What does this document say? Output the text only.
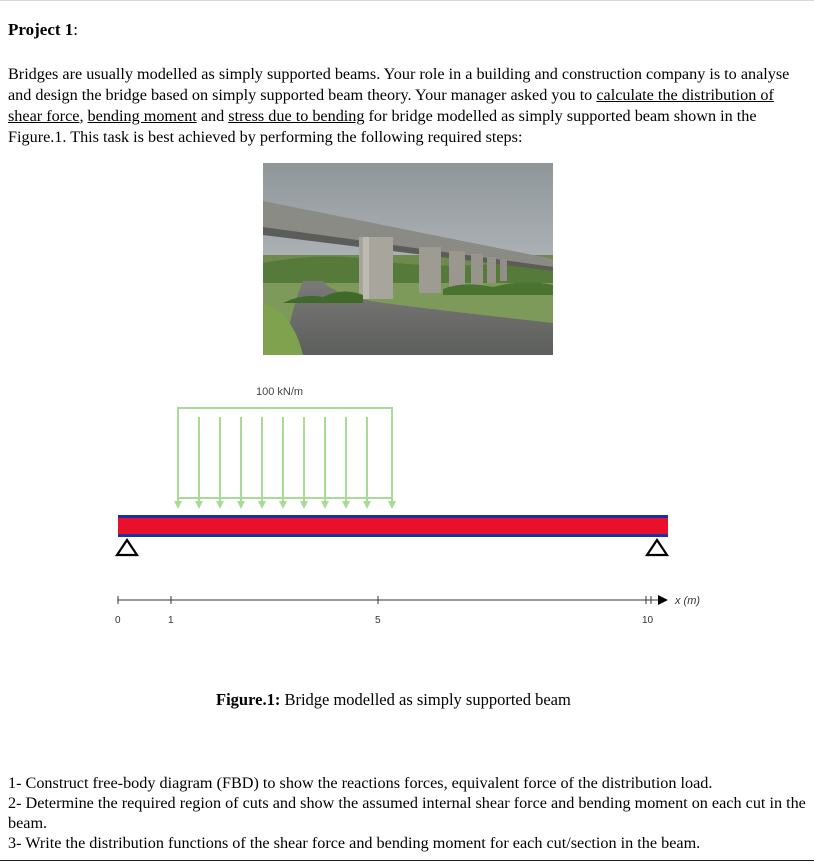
Project 1:
Bridges are usually modelled as simply supported beams. Your role in a building and construction company is to analyse and design the bridge based on simply supported beam theory. Your manager asked you to calculate the distribution of shear force, bending moment and stress due to bending for bridge modelled as simply supported beam shown in the Figure.1. This task is best achieved by performing the following required steps:
100 kN/m
x (m)
0	1	5	10
Figure.1: Bridge modelled as simply supported beam

1- Construct free-body diagram (FBD) to show the reactions forces, equivalent force of the distribution load.

2- Determine the required region of cuts and show the assumed internal shear force and bending moment on each cut in the beam.

3- Write the distribution functions of the shear force and bending moment for each cut/section in the beam.
